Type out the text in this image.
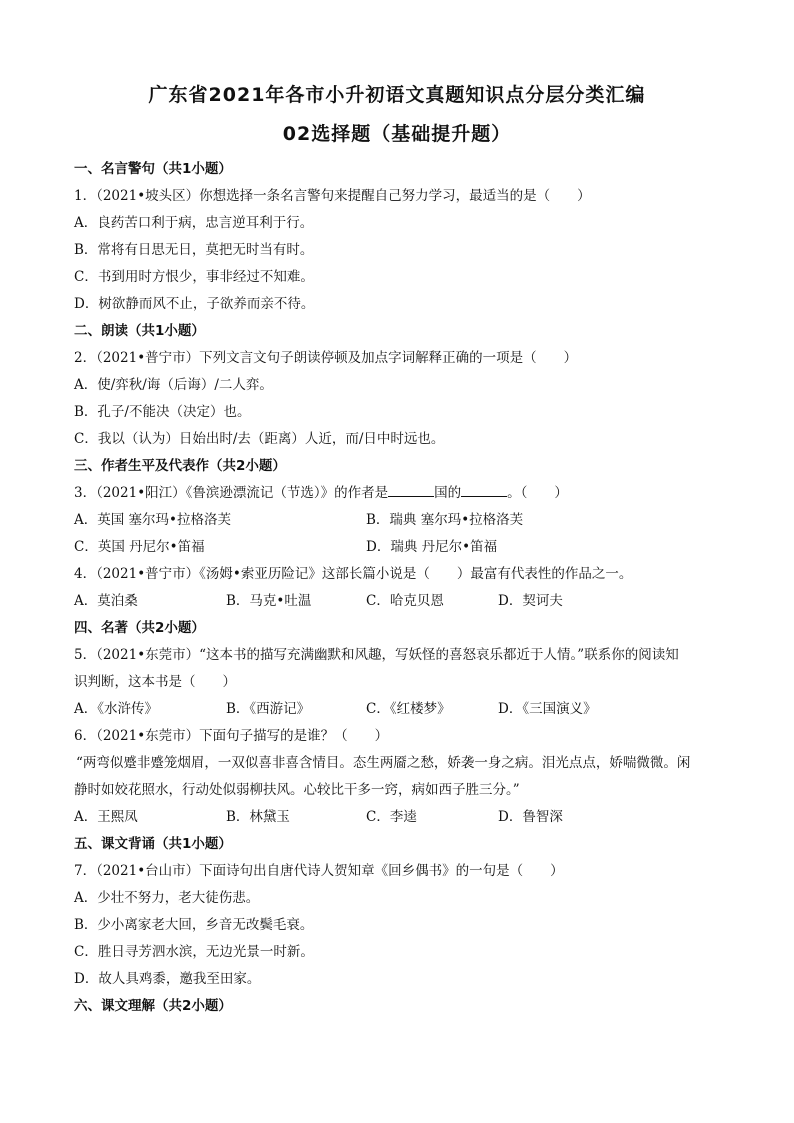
广东省2021年各市小升初语文真题知识点分层分类汇编
02选择题（基础提升题）
一、名言警句（共1小题）
1．（2021•坡头区）你想选择一条名言警句来提醒自己努力学习，最适当的是（　　）
A．良药苦口利于病，忠言逆耳利于行。
B．常将有日思无日，莫把无时当有时。
C．书到用时方恨少，事非经过不知难。
D．树欲静而风不止，子欲养而亲不待。
二、朗读（共1小题）
2．（2021•普宁市）下列文言文句子朗读停顿及加点字词解释正确的一项是（　　）
A．使/弈秋/诲（后诲）/二人弈。
B．孔子/不能决（决定）也。
C．我以（认为）日始出时/去（距离）人近，而/日中时远也。
三、作者生平及代表作（共2小题）
3．（2021•阳江）《鲁滨逊漂流记（节选）》的作者是	国的	。（　　）
A．英国 塞尔玛•拉格洛芙	B．瑞典 塞尔玛•拉格洛芙
C．英国 丹尼尔•笛福	D．瑞典 丹尼尔•笛福
4．（2021•普宁市）《汤姆•索亚历险记》这部长篇小说是（　　）最富有代表性的作品之一。
A．莫泊桑	B．马克•吐温	C．哈克贝恩	D．契诃夫
四、名著（共2小题）
5．（2021•东莞市）“这本书的描写充满幽默和风趣，写妖怪的喜怒哀乐都近于人情。”联系你的阅读知
识判断，这本书是（　　）
A．《水浒传》	B．《西游记》	C．《红楼梦》	D．《三国演义》
6．（2021•东莞市）下面句子描写的是谁？（　　）
“两弯似蹙非蹙笼烟眉，一双似喜非喜含情目。态生两靥之愁，娇袭一身之病。泪光点点，娇喘微微。闲
静时如姣花照水，行动处似弱柳扶风。心较比干多一窍，病如西子胜三分。”
A．王熙凤	B．林黛玉	C．李逵	D．鲁智深
五、课文背诵（共1小题）
7．（2021•台山市）下面诗句出自唐代诗人贺知章《回乡偶书》的一句是（　　）
A．少壮不努力，老大徒伤悲。
B．少小离家老大回，乡音无改鬓毛衰。
C．胜日寻芳泗水滨，无边光景一时新。
D．故人具鸡黍，邀我至田家。
六、课文理解（共2小题）
